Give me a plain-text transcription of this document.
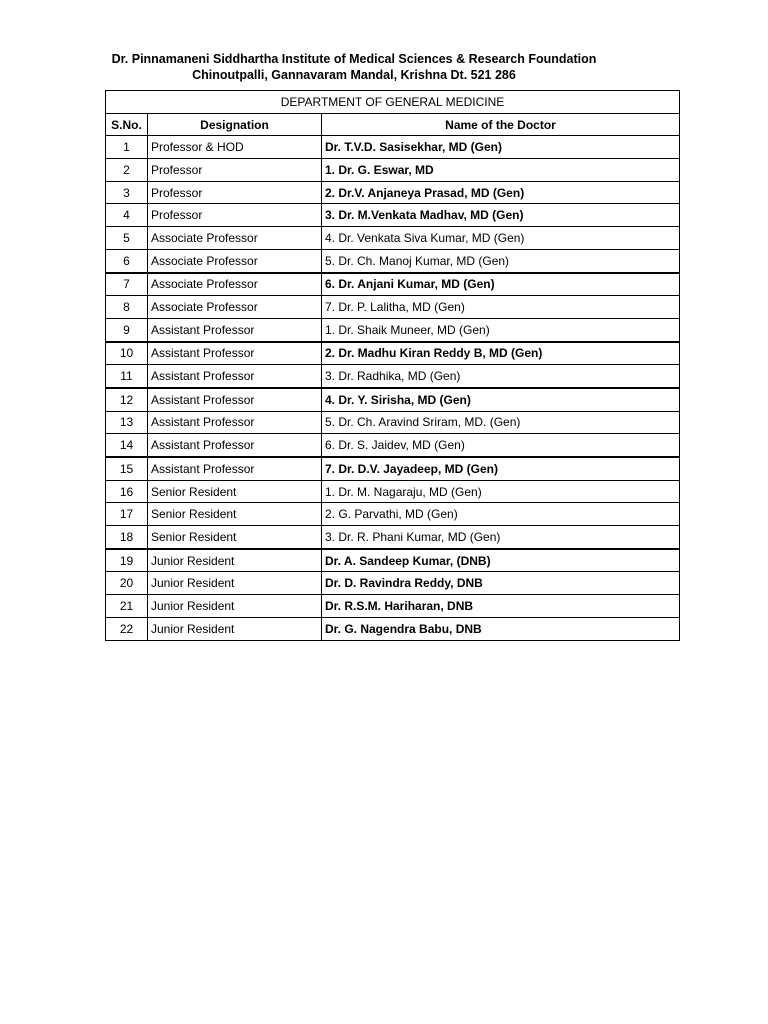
Dr. Pinnamaneni Siddhartha Institute of Medical Sciences & Research Foundation
Chinoutpalli, Gannavaram Mandal, Krishna Dt. 521 286
DEPARTMENT OF GENERAL MEDICINE		
S.No.	Designation	Name of the Doctor
1	Professor & HOD	Dr. T.V.D. Sasisekhar, MD (Gen)
2	Professor	1. Dr. G. Eswar, MD
3	Professor	2. Dr.V. Anjaneya Prasad, MD (Gen)
4	Professor	3. Dr. M.Venkata Madhav, MD (Gen)
5	Associate Professor	4. Dr. Venkata Siva Kumar, MD (Gen)
6	Associate Professor	5. Dr. Ch. Manoj Kumar, MD (Gen)
7	Associate Professor	6. Dr. Anjani Kumar, MD (Gen)
8	Associate Professor	7. Dr. P. Lalitha, MD (Gen)
9	Assistant Professor	1. Dr. Shaik Muneer, MD (Gen)
10	Assistant Professor	2. Dr. Madhu Kiran Reddy B, MD (Gen)
11	Assistant Professor	3. Dr. Radhika, MD (Gen)
12	Assistant Professor	4. Dr. Y. Sirisha, MD (Gen)
13	Assistant Professor	5. Dr. Ch. Aravind Sriram, MD. (Gen)
14	Assistant Professor	6. Dr. S. Jaidev, MD (Gen)
15	Assistant Professor	7. Dr. D.V. Jayadeep, MD (Gen)
16	Senior Resident	1. Dr. M. Nagaraju, MD (Gen)
17	Senior Resident	2. G. Parvathi, MD (Gen)
18	Senior Resident	3. Dr. R. Phani Kumar, MD (Gen)
19	Junior Resident	Dr. A. Sandeep Kumar, (DNB)
20	Junior Resident	Dr. D. Ravindra Reddy, DNB
21	Junior Resident	Dr. R.S.M. Hariharan, DNB
22	Junior Resident	Dr. G. Nagendra Babu, DNB
